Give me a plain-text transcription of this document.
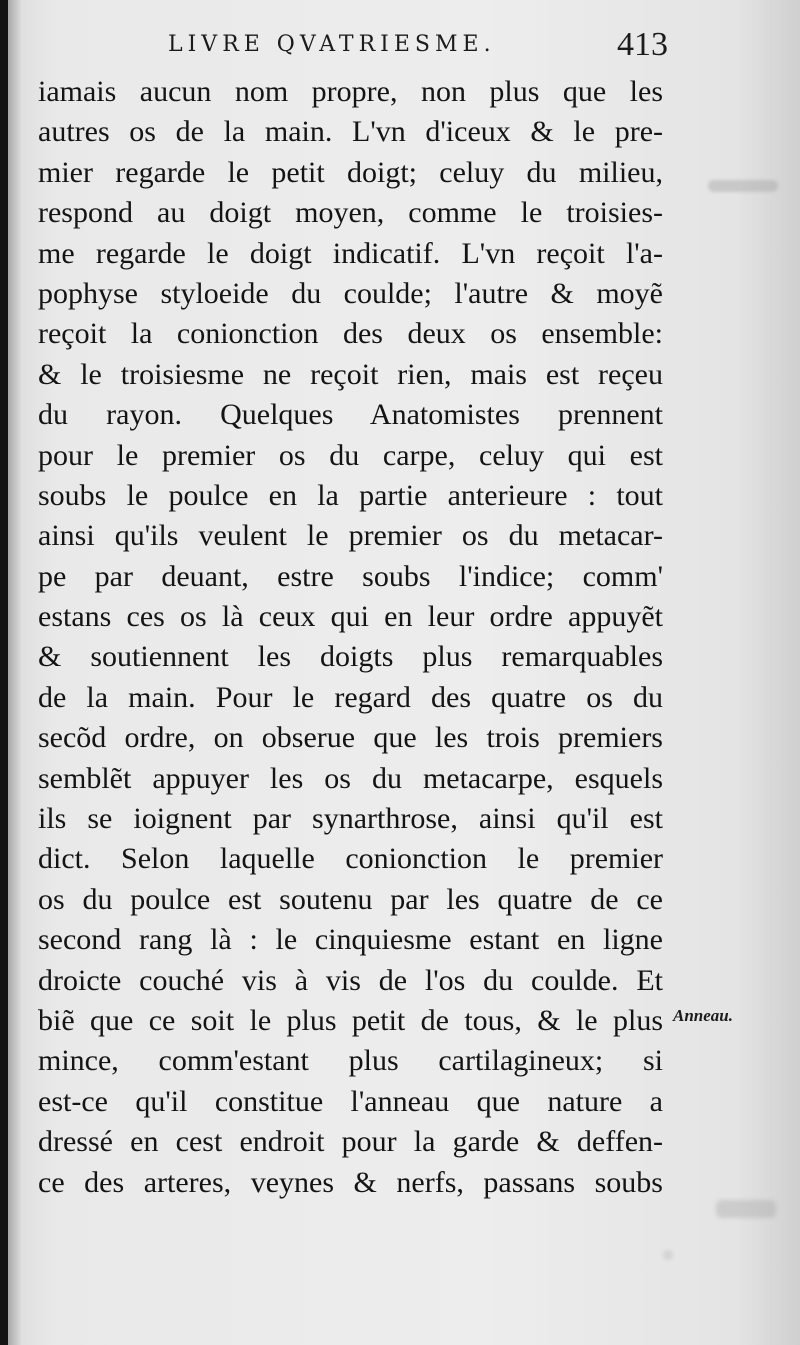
LIVRE QVATRIESME.	413
iamais aucun nom propre, non plus que les
autres os de la main. L'vn d'iceux & le pre-
mier regarde le petit doigt; celuy du milieu,
respond au doigt moyen, comme le troisies-
me regarde le doigt indicatif. L'vn reçoit l'a-
pophyse styloeide du coulde; l'autre & moyẽ
reçoit la conionction des deux os ensemble:
& le troisiesme ne reçoit rien, mais est reçeu
du rayon. Quelques Anatomistes prennent
pour le premier os du carpe, celuy qui est
soubs le poulce en la partie anterieure : tout
ainsi qu'ils veulent le premier os du metacar-
pe par deuant, estre soubs l'indice; comm'
estans ces os là ceux qui en leur ordre appuyẽt
& soutiennent les doigts plus remarquables
de la main. Pour le regard des quatre os du
secõd ordre, on obserue que les trois premiers
semblẽt appuyer les os du metacarpe, esquels
ils se ioignent par synarthrose, ainsi qu'il est
dict. Selon laquelle conionction le premier
os du poulce est soutenu par les quatre de ce
second rang là : le cinquiesme estant en ligne
droicte couché vis à vis de l'os du coulde. Et
biẽ que ce soit le plus petit de tous, & le plus
mince, comm'estant plus cartilagineux; si
est-ce qu'il constitue l'anneau que nature a
dressé en cest endroit pour la garde & deffen-
ce des arteres, veynes & nerfs, passans soubs
Anneau.
